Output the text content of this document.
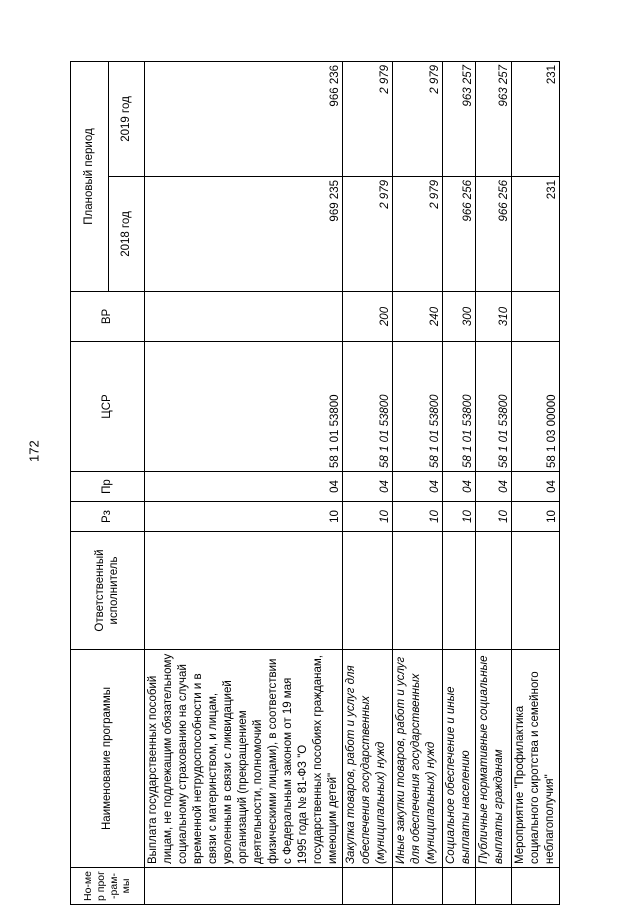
172
Но-мер прог-рам-мы	Наименование программы	Ответственный исполнитель	Рз	Пр	ЦСР	ВР	Плановый период	
							2018 год	2019 год
	Выплата государственных пособий лицам, не подлежащим обязательному социальному страхованию на случай временной нетрудоспособности и в связи с материнством, и лицам, уволенным в связи с ликвидацией организаций (прекращением деятельности, полномочий физическими лицами), в соответствии с Федеральным законом от 19 мая 1995 года № 81-ФЗ "О государственных пособиях гражданам, имеющим детей"		10	04	58 1 01 53800		969 235	966 236
	Закупка товаров, работ и услуг для обеспечения государственных (муниципальных) нужд		10	04	58 1 01 53800	200	2 979	2 979
	Иные закупки товаров, работ и услуг для обеспечения государственных (муниципальных) нужд		10	04	58 1 01 53800	240	2 979	2 979
	Социальное обеспечение и иные выплаты населению		10	04	58 1 01 53800	300	966 256	963 257
	Публичные нормативные социальные выплаты гражданам		10	04	58 1 01 53800	310	966 256	963 257
	Мероприятие "Профилактика социального сиротства и семейного неблагополучия"		10	04	58 1 03 00000		231	231
